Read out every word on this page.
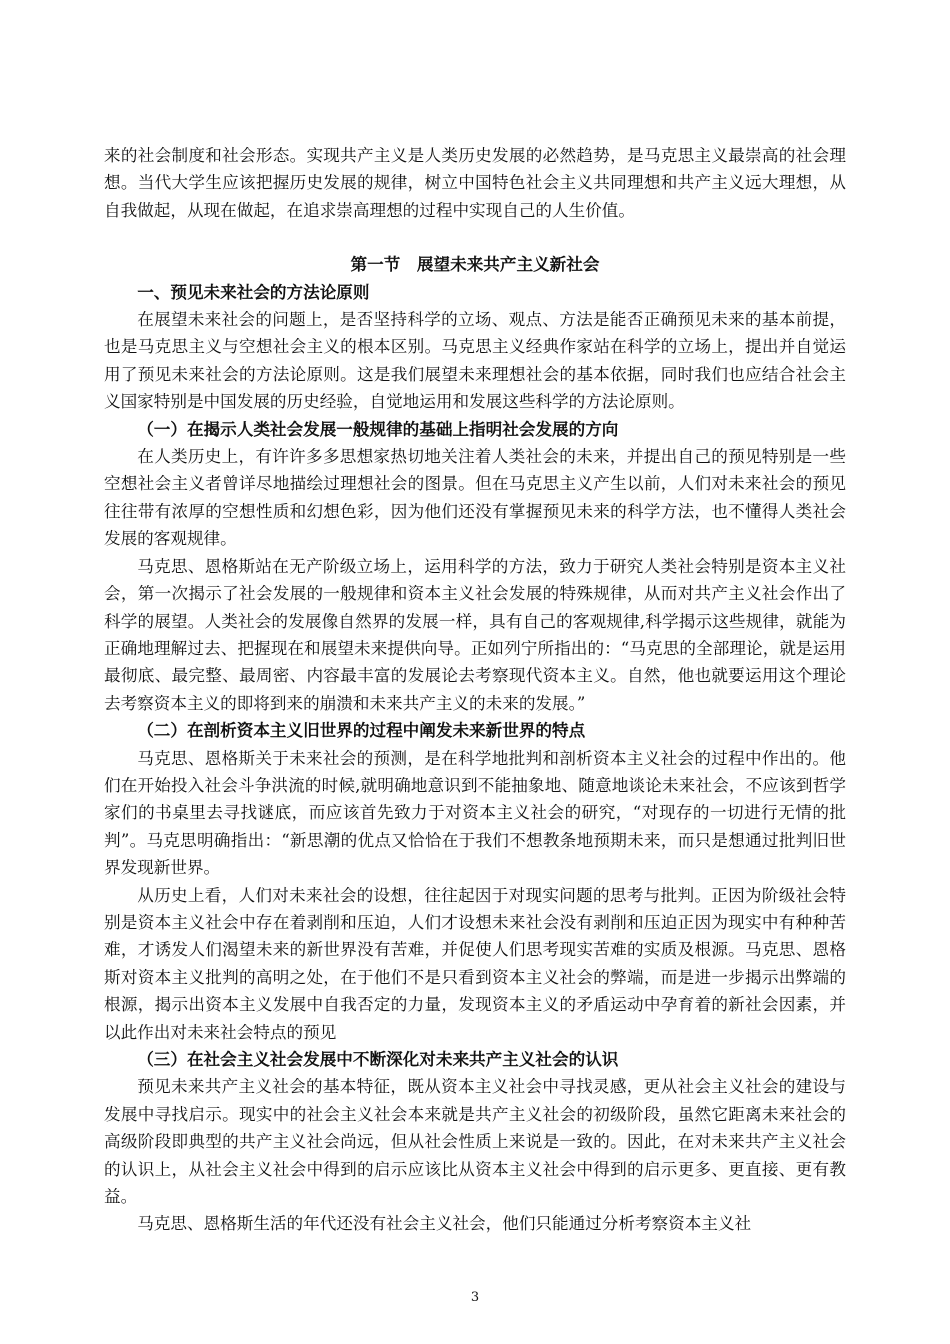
来的社会制度和社会形态。实现共产主义是人类历史发展的必然趋势，是马克思主义最崇高的社会理想。当代大学生应该把握历史发展的规律，树立中国特色社会主义共同理想和共产主义远大理想，从自我做起，从现在做起，在追求崇高理想的过程中实现自己的人生价值。

第一节　展望未来共产主义新社会

一、预见未来社会的方法论原则

在展望未来社会的问题上，是否坚持科学的立场、观点、方法是能否正确预见未来的基本前提，也是马克思主义与空想社会主义的根本区别。马克思主义经典作家站在科学的立场上，提出并自觉运用了预见未来社会的方法论原则。这是我们展望未来理想社会的基本依据，同时我们也应结合社会主义国家特别是中国发展的历史经验，自觉地运用和发展这些科学的方法论原则。

（一）在揭示人类社会发展一般规律的基础上指明社会发展的方向

在人类历史上，有许许多多思想家热切地关注着人类社会的未来，并提出自己的预见特别是一些空想社会主义者曾详尽地描绘过理想社会的图景。但在马克思主义产生以前，人们对未来社会的预见往往带有浓厚的空想性质和幻想色彩，因为他们还没有掌握预见未来的科学方法，也不懂得人类社会发展的客观规律。

马克思、恩格斯站在无产阶级立场上，运用科学的方法，致力于研究人类社会特别是资本主义社会，第一次揭示了社会发展的一般规律和资本主义社会发展的特殊规律，从而对共产主义社会作出了科学的展望。人类社会的发展像自然界的发展一样，具有自己的客观规律,科学揭示这些规律，就能为正确地理解过去、把握现在和展望未来提供向导。正如列宁所指出的：“马克思的全部理论，就是运用最彻底、最完整、最周密、内容最丰富的发展论去考察现代资本主义。自然，他也就要运用这个理论去考察资本主义的即将到来的崩溃和未来共产主义的未来的发展。”

（二）在剖析资本主义旧世界的过程中阐发未来新世界的特点

马克思、恩格斯关于未来社会的预测，是在科学地批判和剖析资本主义社会的过程中作出的。他们在开始投入社会斗争洪流的时候,就明确地意识到不能抽象地、随意地谈论未来社会，不应该到哲学家们的书桌里去寻找谜底，而应该首先致力于对资本主义社会的研究，“对现存的一切进行无情的批判”。马克思明确指出：“新思潮的优点又恰恰在于我们不想教条地预期未来，而只是想通过批判旧世界发现新世界。

从历史上看，人们对未来社会的设想，往往起因于对现实问题的思考与批判。正因为阶级社会特别是资本主义社会中存在着剥削和压迫，人们才设想未来社会没有剥削和压迫正因为现实中有种种苦难，才诱发人们渴望未来的新世界没有苦难，并促使人们思考现实苦难的实质及根源。马克思、恩格斯对资本主义批判的高明之处，在于他们不是只看到资本主义社会的弊端，而是进一步揭示出弊端的根源，揭示出资本主义发展中自我否定的力量，发现资本主义的矛盾运动中孕育着的新社会因素，并以此作出对未来社会特点的预见

（三）在社会主义社会发展中不断深化对未来共产主义社会的认识

预见未来共产主义社会的基本特征，既从资本主义社会中寻找灵感，更从社会主义社会的建设与发展中寻找启示。现实中的社会主义社会本来就是共产主义社会的初级阶段，虽然它距离未来社会的高级阶段即典型的共产主义社会尚远，但从社会性质上来说是一致的。因此，在对未来共产主义社会的认识上，从社会主义社会中得到的启示应该比从资本主义社会中得到的启示更多、更直接、更有教益。

马克思、恩格斯生活的年代还没有社会主义社会，他们只能通过分析考察资本主义社

3
